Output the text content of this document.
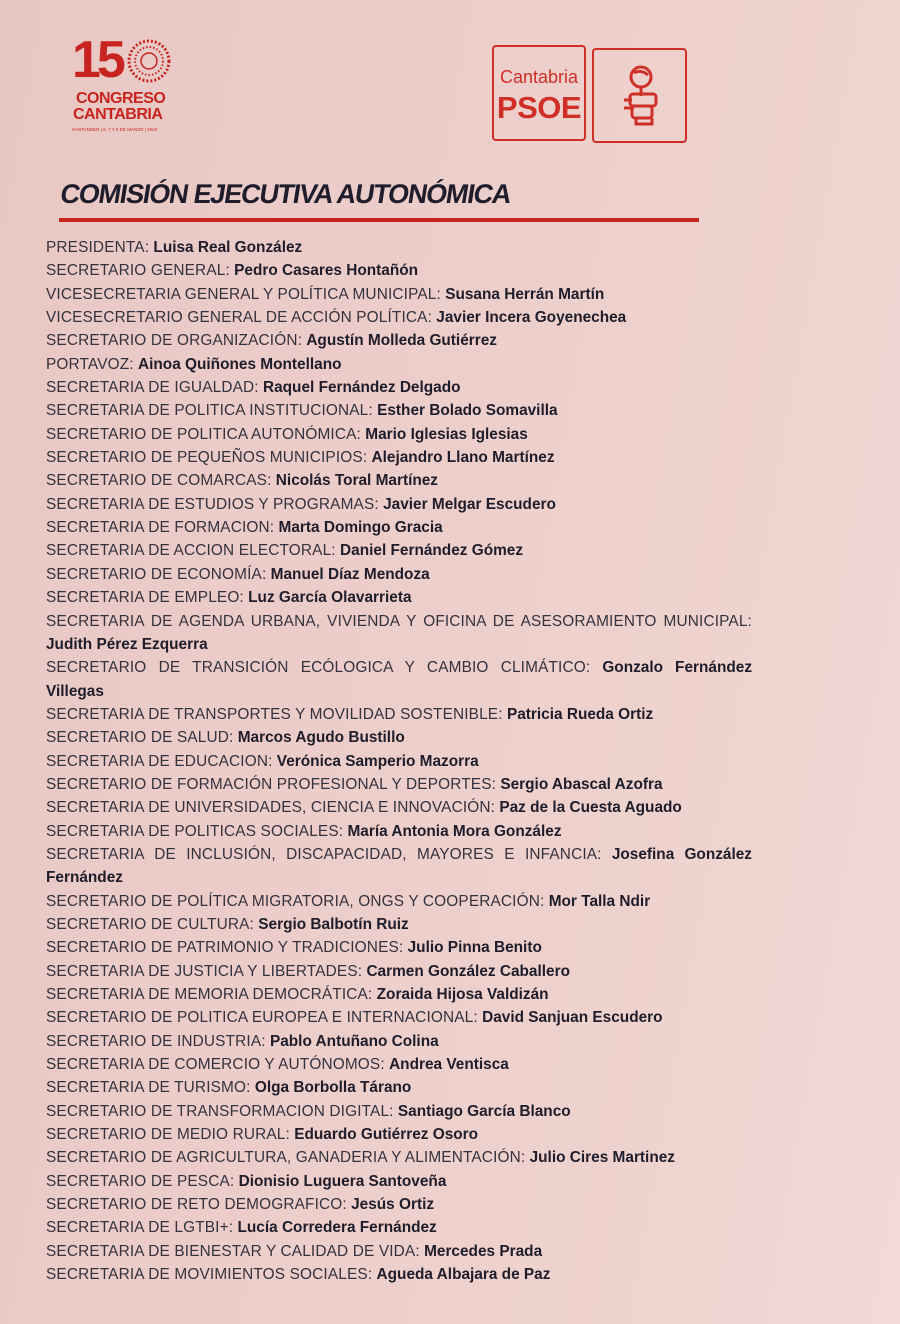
15
CONGRESO
CANTABRIA
SANTANDER | 6, 7 Y 8 DE MARZO | 2020
Cantabria
PSOE
COMISIÓN EJECUTIVA AUTONÓMICA
PRESIDENTA: Luisa Real González
SECRETARIO GENERAL: Pedro Casares Hontañón
VICESECRETARIA GENERAL Y POLÍTICA MUNICIPAL: Susana Herrán Martín
VICESECRETARIO GENERAL DE ACCIÓN POLÍTICA: Javier Incera Goyenechea
SECRETARIO DE ORGANIZACIÓN: Agustín Molleda Gutiérrez
PORTAVOZ: Ainoa Quiñones Montellano
SECRETARIA DE IGUALDAD: Raquel Fernández Delgado
SECRETARIA DE POLITICA INSTITUCIONAL: Esther Bolado Somavilla
SECRETARIO DE POLITICA AUTONÓMICA: Mario Iglesias Iglesias
SECRETARIO DE PEQUEÑOS MUNICIPIOS: Alejandro Llano Martínez
SECRETARIO DE COMARCAS: Nicolás Toral Martínez
SECRETARIA DE ESTUDIOS Y PROGRAMAS: Javier Melgar Escudero
SECRETARIA DE FORMACION: Marta Domingo Gracia
SECRETARIA DE ACCION ELECTORAL: Daniel Fernández Gómez
SECRETARIO DE ECONOMÍA: Manuel Díaz Mendoza
SECRETARIA DE EMPLEO: Luz García Olavarrieta
SECRETARIA DE AGENDA URBANA, VIVIENDA Y OFICINA DE ASESORAMIENTO MUNICIPAL: Judith Pérez Ezquerra
SECRETARIO DE TRANSICIÓN ECÓLOGICA Y CAMBIO CLIMÁTICO: Gonzalo Fernández Villegas
SECRETARIA DE TRANSPORTES Y MOVILIDAD SOSTENIBLE: Patricia Rueda Ortiz
SECRETARIO DE SALUD: Marcos Agudo Bustillo
SECRETARIA DE EDUCACION: Verónica Samperio Mazorra
SECRETARIO DE FORMACIÓN PROFESIONAL Y DEPORTES: Sergio Abascal Azofra
SECRETARIA DE UNIVERSIDADES, CIENCIA E INNOVACIÓN: Paz de la Cuesta Aguado
SECRETARIA DE POLITICAS SOCIALES: María Antonia Mora González
SECRETARIA DE INCLUSIÓN, DISCAPACIDAD, MAYORES E INFANCIA: Josefina González Fernández
SECRETARIO DE POLÍTICA MIGRATORIA, ONGS Y COOPERACIÓN: Mor Talla Ndir
SECRETARIO DE CULTURA: Sergio Balbotín Ruiz
SECRETARIO DE PATRIMONIO Y TRADICIONES: Julio Pinna Benito
SECRETARIA DE JUSTICIA Y LIBERTADES: Carmen González Caballero
SECRETARIA DE MEMORIA DEMOCRÁTICA: Zoraida Hijosa Valdizán
SECRETARIO DE POLITICA EUROPEA E INTERNACIONAL: David Sanjuan Escudero
SECRETARIO DE INDUSTRIA: Pablo Antuñano Colina
SECRETARIA DE COMERCIO Y AUTÓNOMOS: Andrea Ventisca
SECRETARIA DE TURISMO: Olga Borbolla Tárano
SECRETARIO DE TRANSFORMACION DIGITAL: Santiago García Blanco
SECRETARIO DE MEDIO RURAL: Eduardo Gutiérrez Osoro
SECRETARIO DE AGRICULTURA, GANADERIA Y ALIMENTACIÓN: Julio Cires Martinez
SECRETARIO DE PESCA: Dionisio Luguera Santoveña
SECRETARIO DE RETO DEMOGRAFICO: Jesús Ortiz
SECRETARIA DE LGTBI+: Lucía Corredera Fernández
SECRETARIA DE BIENESTAR Y CALIDAD DE VIDA: Mercedes Prada
SECRETARIA DE MOVIMIENTOS SOCIALES: Agueda Albajara de Paz
